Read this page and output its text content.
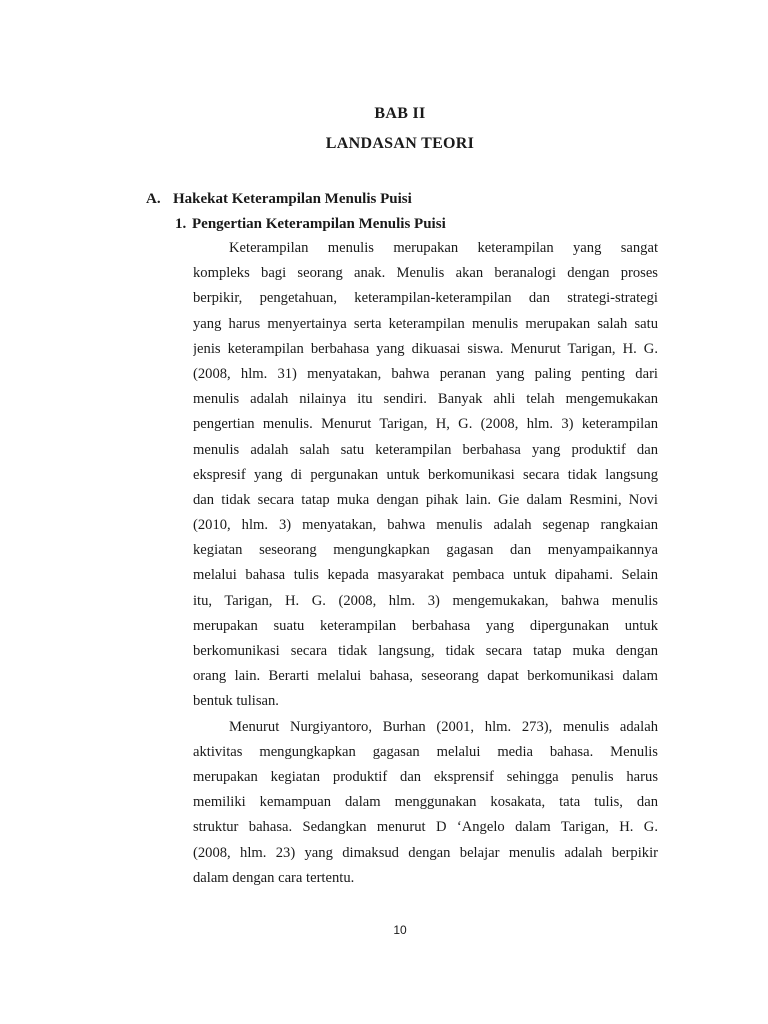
BAB II
LANDASAN TEORI
A. Hakekat Keterampilan Menulis Puisi
1. Pengertian Keterampilan Menulis Puisi
Keterampilan menulis merupakan keterampilan yang sangat
kompleks bagi seorang anak. Menulis akan beranalogi dengan proses
berpikir, pengetahuan, keterampilan-keterampilan dan strategi-strategi
yang harus menyertainya serta keterampilan menulis merupakan salah satu
jenis keterampilan berbahasa yang dikuasai siswa. Menurut Tarigan, H. G.
(2008, hlm. 31) menyatakan, bahwa peranan yang paling penting dari
menulis adalah nilainya itu sendiri. Banyak ahli telah mengemukakan
pengertian menulis. Menurut Tarigan, H, G. (2008, hlm. 3) keterampilan
menulis adalah salah satu keterampilan berbahasa yang produktif dan
ekspresif yang di pergunakan untuk berkomunikasi secara tidak langsung
dan tidak secara tatap muka dengan pihak lain. Gie dalam Resmini, Novi
(2010, hlm. 3) menyatakan, bahwa menulis adalah segenap rangkaian
kegiatan seseorang mengungkapkan gagasan dan menyampaikannya
melalui bahasa tulis kepada masyarakat pembaca untuk dipahami. Selain
itu, Tarigan, H. G. (2008, hlm. 3) mengemukakan, bahwa menulis
merupakan suatu keterampilan berbahasa yang dipergunakan untuk
berkomunikasi secara tidak langsung, tidak secara tatap muka dengan
orang lain. Berarti melalui bahasa, seseorang dapat berkomunikasi dalam
bentuk tulisan.
Menurut Nurgiyantoro, Burhan (2001, hlm. 273), menulis adalah
aktivitas mengungkapkan gagasan melalui media bahasa. Menulis
merupakan kegiatan produktif dan eksprensif sehingga penulis harus
memiliki kemampuan dalam menggunakan kosakata, tata tulis, dan
struktur bahasa. Sedangkan menurut D ‘Angelo dalam Tarigan, H. G.
(2008, hlm. 23) yang dimaksud dengan belajar menulis adalah berpikir
dalam dengan cara tertentu.
10
